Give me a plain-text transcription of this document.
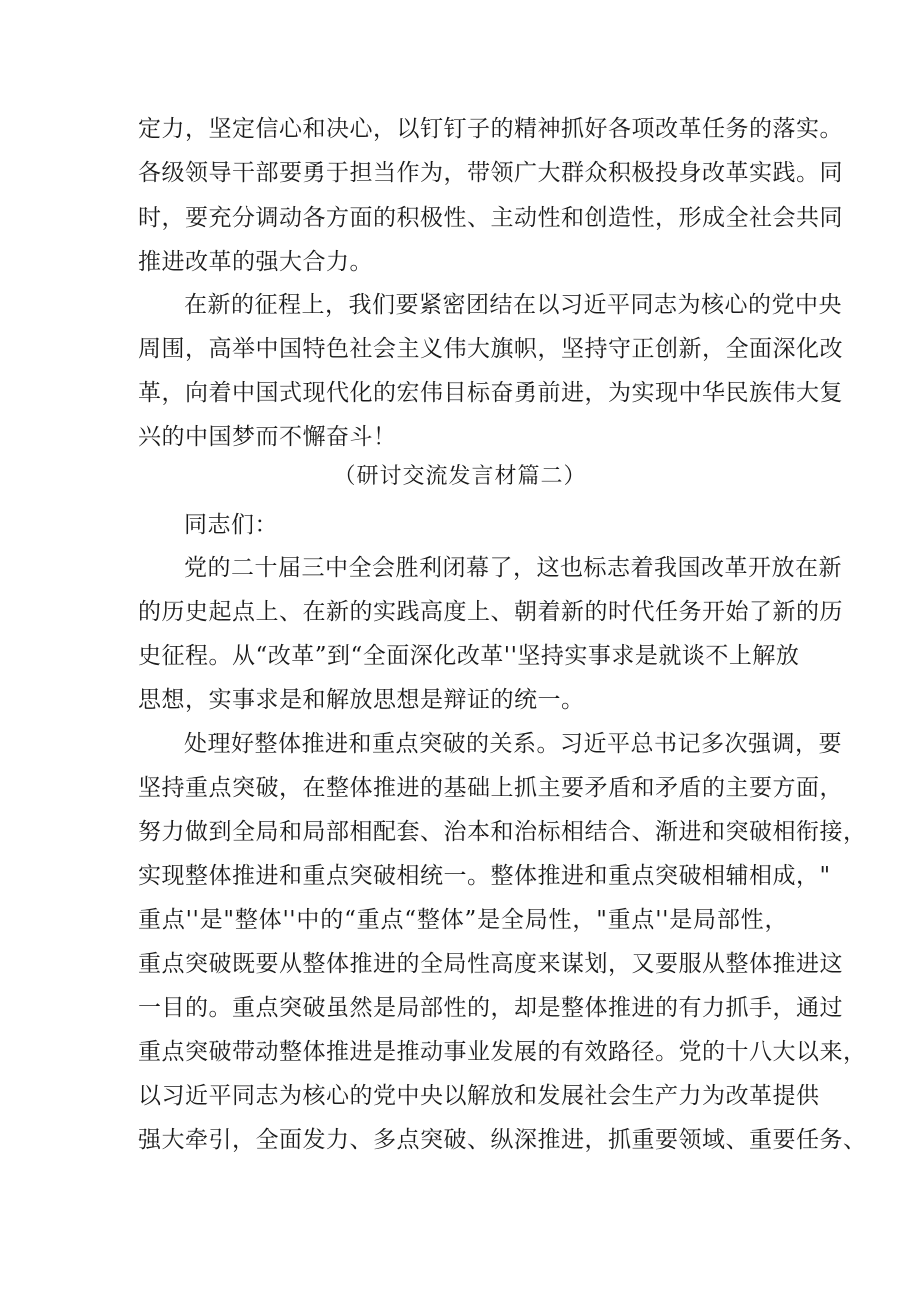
定力，坚定信心和决心，以钉钉子的精神抓好各项改革任务的落实。
各级领导干部要勇于担当作为，带领广大群众积极投身改革实践。同
时，要充分调动各方面的积极性、主动性和创造性，形成全社会共同
推进改革的强大合力。
在新的征程上，我们要紧密团结在以习近平同志为核心的党中央
周围，高举中国特色社会主义伟大旗帜，坚持守正创新，全面深化改
革，向着中国式现代化的宏伟目标奋勇前进，为实现中华民族伟大复
兴的中国梦而不懈奋斗！
（研讨交流发言材篇二）
同志们：
党的二十届三中全会胜利闭幕了，这也标志着我国改革开放在新
的历史起点上、在新的实践高度上、朝着新的时代任务开始了新的历
史征程。从“改革”到“全面深化改革''坚持实事求是就谈不上解放
思想，实事求是和解放思想是辩证的统一。
处理好整体推进和重点突破的关系。习近平总书记多次强调，要
坚持重点突破，在整体推进的基础上抓主要矛盾和矛盾的主要方面，
努力做到全局和局部相配套、治本和治标相结合、渐进和突破相衔接，
实现整体推进和重点突破相统一。整体推进和重点突破相辅相成，"
重点''是"整体''中的“重点“整体”是全局性，"重点''是局部性，
重点突破既要从整体推进的全局性高度来谋划，又要服从整体推进这
一目的。重点突破虽然是局部性的，却是整体推进的有力抓手，通过
重点突破带动整体推进是推动事业发展的有效路径。党的十八大以来，
以习近平同志为核心的党中央以解放和发展社会生产力为改革提供
强大牵引，全面发力、多点突破、纵深推进，抓重要领域、重要任务、
